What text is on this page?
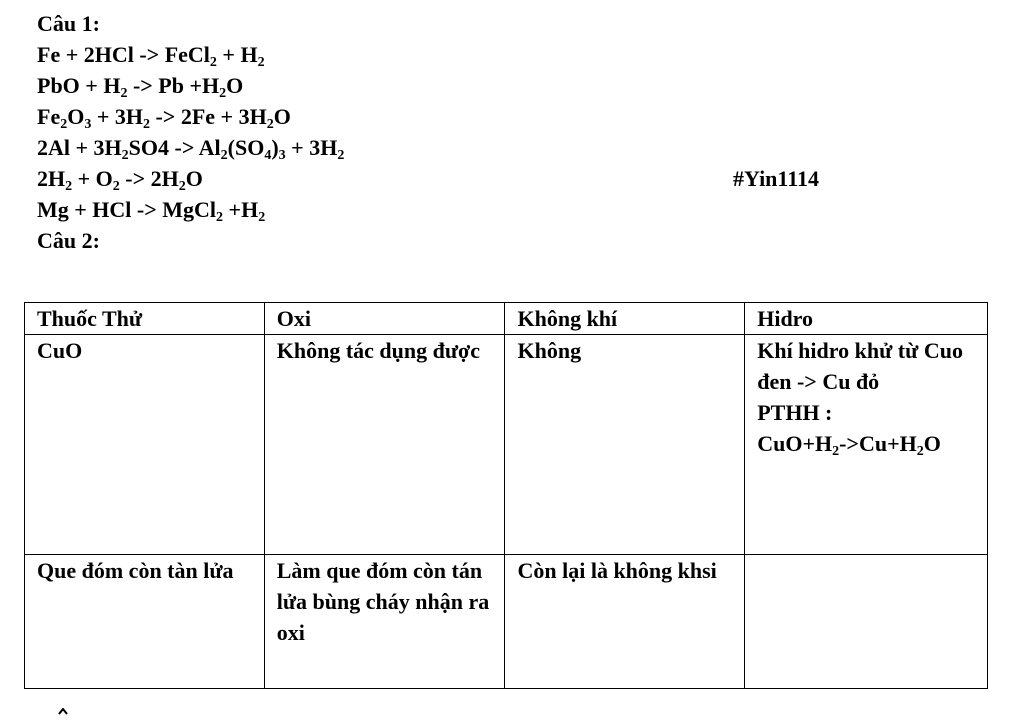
Câu 1:
Fe + 2HCl -> FeCl$_2$ + $H_2$
PbO + $H_2 -> Pb +H_2O$
$Fe_2O_3 + 3H_2 -> 2Fe + 3H_2O$
$2Al + 3H_2SO4 -> Al_2(SO_4)_3 + 3H_2$
$2H_2 + O_2 -> 2H_2O$	#Yin1114
Mg + HCl -> MgCl$_2$ $+H_2$
Câu 2:
Thuốc Thử	Oxi	Không khí	Hidro
CuO	Không tác dụng được	Không	Khí hidro khử từ Cuo đen -> Cu đỏ
PTHH :
$CuO+H_2->Cu+H_2O$

Que đóm còn tàn lửa	Làm que đóm còn tán lửa bùng cháy nhận ra oxi	Còn lại là không khsi	
